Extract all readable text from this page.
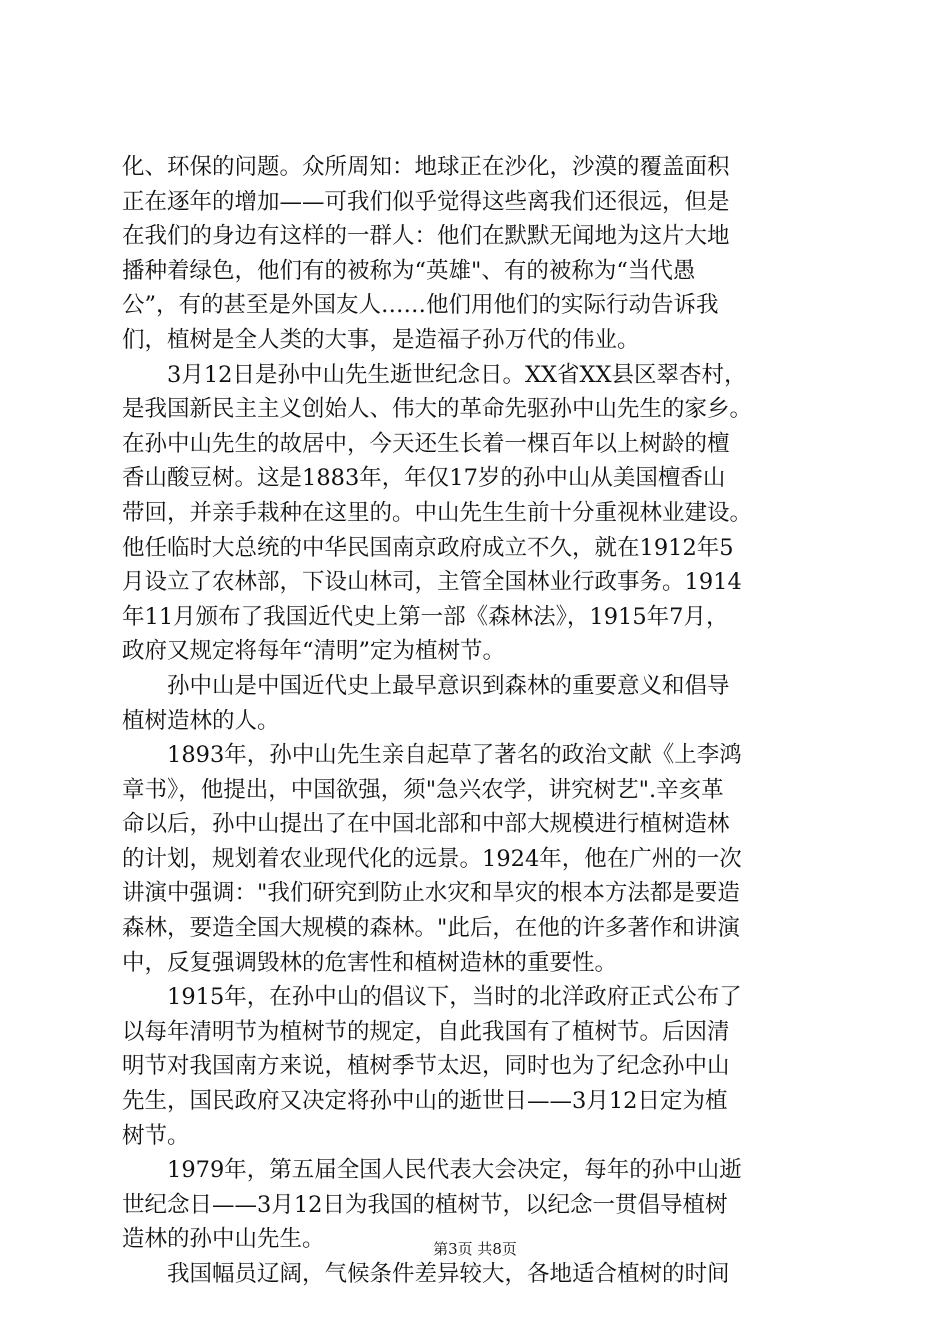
化、环保的问题。众所周知：地球正在沙化，沙漠的覆盖面积
正在逐年的增加——可我们似乎觉得这些离我们还很远，但是
在我们的身边有这样的一群人：他们在默默无闻地为这片大地
播种着绿色，他们有的被称为“英雄"、有的被称为“当代愚
公”，有的甚至是外国友人……他们用他们的实际行动告诉我
们，植树是全人类的大事，是造福子孙万代的伟业。
　　3月12日是孙中山先生逝世纪念日。XX省XX县区翠杏村，
是我国新民主主义创始人、伟大的革命先驱孙中山先生的家乡。
在孙中山先生的故居中，今天还生长着一棵百年以上树龄的檀
香山酸豆树。这是1883年，年仅17岁的孙中山从美国檀香山
带回，并亲手栽种在这里的。中山先生生前十分重视林业建设。
他任临时大总统的中华民国南京政府成立不久，就在1912年5
月设立了农林部，下设山林司，主管全国林业行政事务。1914
年11月颁布了我国近代史上第一部《森林法》，1915年7月，
政府又规定将每年“清明”定为植树节。
　　孙中山是中国近代史上最早意识到森林的重要意义和倡导
植树造林的人。
　　1893年，孙中山先生亲自起草了著名的政治文献《上李鸿
章书》，他提出，中国欲强，须"急兴农学，讲究树艺".辛亥革
命以后，孙中山提出了在中国北部和中部大规模进行植树造林
的计划，规划着农业现代化的远景。1924年，他在广州的一次
讲演中强调："我们研究到防止水灾和旱灾的根本方法都是要造
森林，要造全国大规模的森林。"此后，在他的许多著作和讲演
中，反复强调毁林的危害性和植树造林的重要性。
　　1915年，在孙中山的倡议下，当时的北洋政府正式公布了
以每年清明节为植树节的规定，自此我国有了植树节。后因清
明节对我国南方来说，植树季节太迟，同时也为了纪念孙中山
先生，国民政府又决定将孙中山的逝世日——3月12日定为植
树节。
　　1979年，第五届全国人民代表大会决定，每年的孙中山逝
世纪念日——3月12日为我国的植树节，以纪念一贯倡导植树
造林的孙中山先生。
　　我国幅员辽阔，气候条件差异较大，各地适合植树的时间
第3页 共8页
